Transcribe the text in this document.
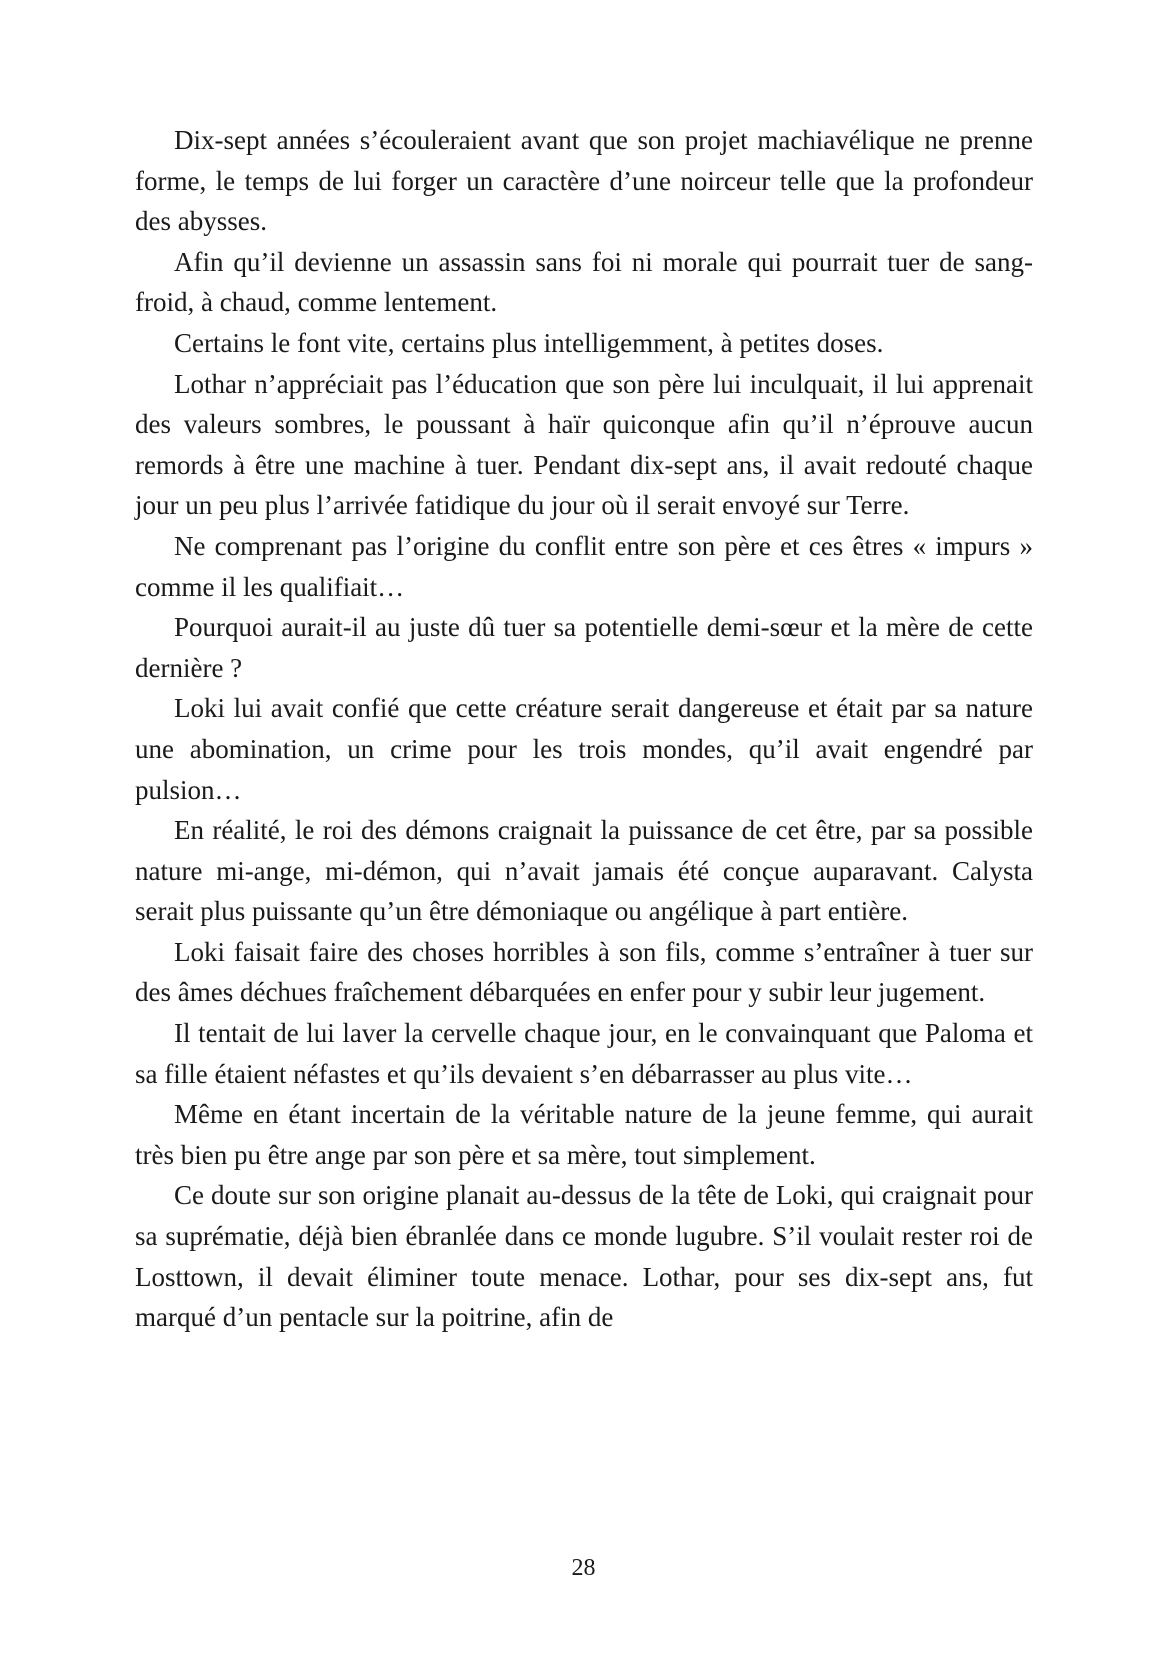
Dix-sept années s’écouleraient avant que son projet machiavélique ne prenne forme, le temps de lui forger un caractère d’une noirceur telle que la profondeur des abysses.

Afin qu’il devienne un assassin sans foi ni morale qui pourrait tuer de sang-froid, à chaud, comme lentement.

Certains le font vite, certains plus intelligemment, à petites doses.

Lothar n’appréciait pas l’éducation que son père lui inculquait, il lui apprenait des valeurs sombres, le poussant à haïr quiconque afin qu’il n’éprouve aucun remords à être une machine à tuer. Pendant dix-sept ans, il avait redouté chaque jour un peu plus l’arrivée fatidique du jour où il serait envoyé sur Terre.

Ne comprenant pas l’origine du conflit entre son père et ces êtres « impurs » comme il les qualifiait…

Pourquoi aurait-il au juste dû tuer sa potentielle demi-sœur et la mère de cette dernière ?

Loki lui avait confié que cette créature serait dangereuse et était par sa nature une abomination, un crime pour les trois mondes, qu’il avait engendré par pulsion…

En réalité, le roi des démons craignait la puissance de cet être, par sa possible nature mi-ange, mi-démon, qui n’avait jamais été conçue auparavant. Calysta serait plus puissante qu’un être démoniaque ou angélique à part entière.

Loki faisait faire des choses horribles à son fils, comme s’entraîner à tuer sur des âmes déchues fraîchement débarquées en enfer pour y subir leur jugement.

Il tentait de lui laver la cervelle chaque jour, en le convainquant que Paloma et sa fille étaient néfastes et qu’ils devaient s’en débarrasser au plus vite…

Même en étant incertain de la véritable nature de la jeune femme, qui aurait très bien pu être ange par son père et sa mère, tout simplement.

Ce doute sur son origine planait au-dessus de la tête de Loki, qui craignait pour sa suprématie, déjà bien ébranlée dans ce monde lugubre. S’il voulait rester roi de Losttown, il devait éliminer toute menace. Lothar, pour ses dix-sept ans, fut marqué d’un pentacle sur la poitrine, afin de

28
